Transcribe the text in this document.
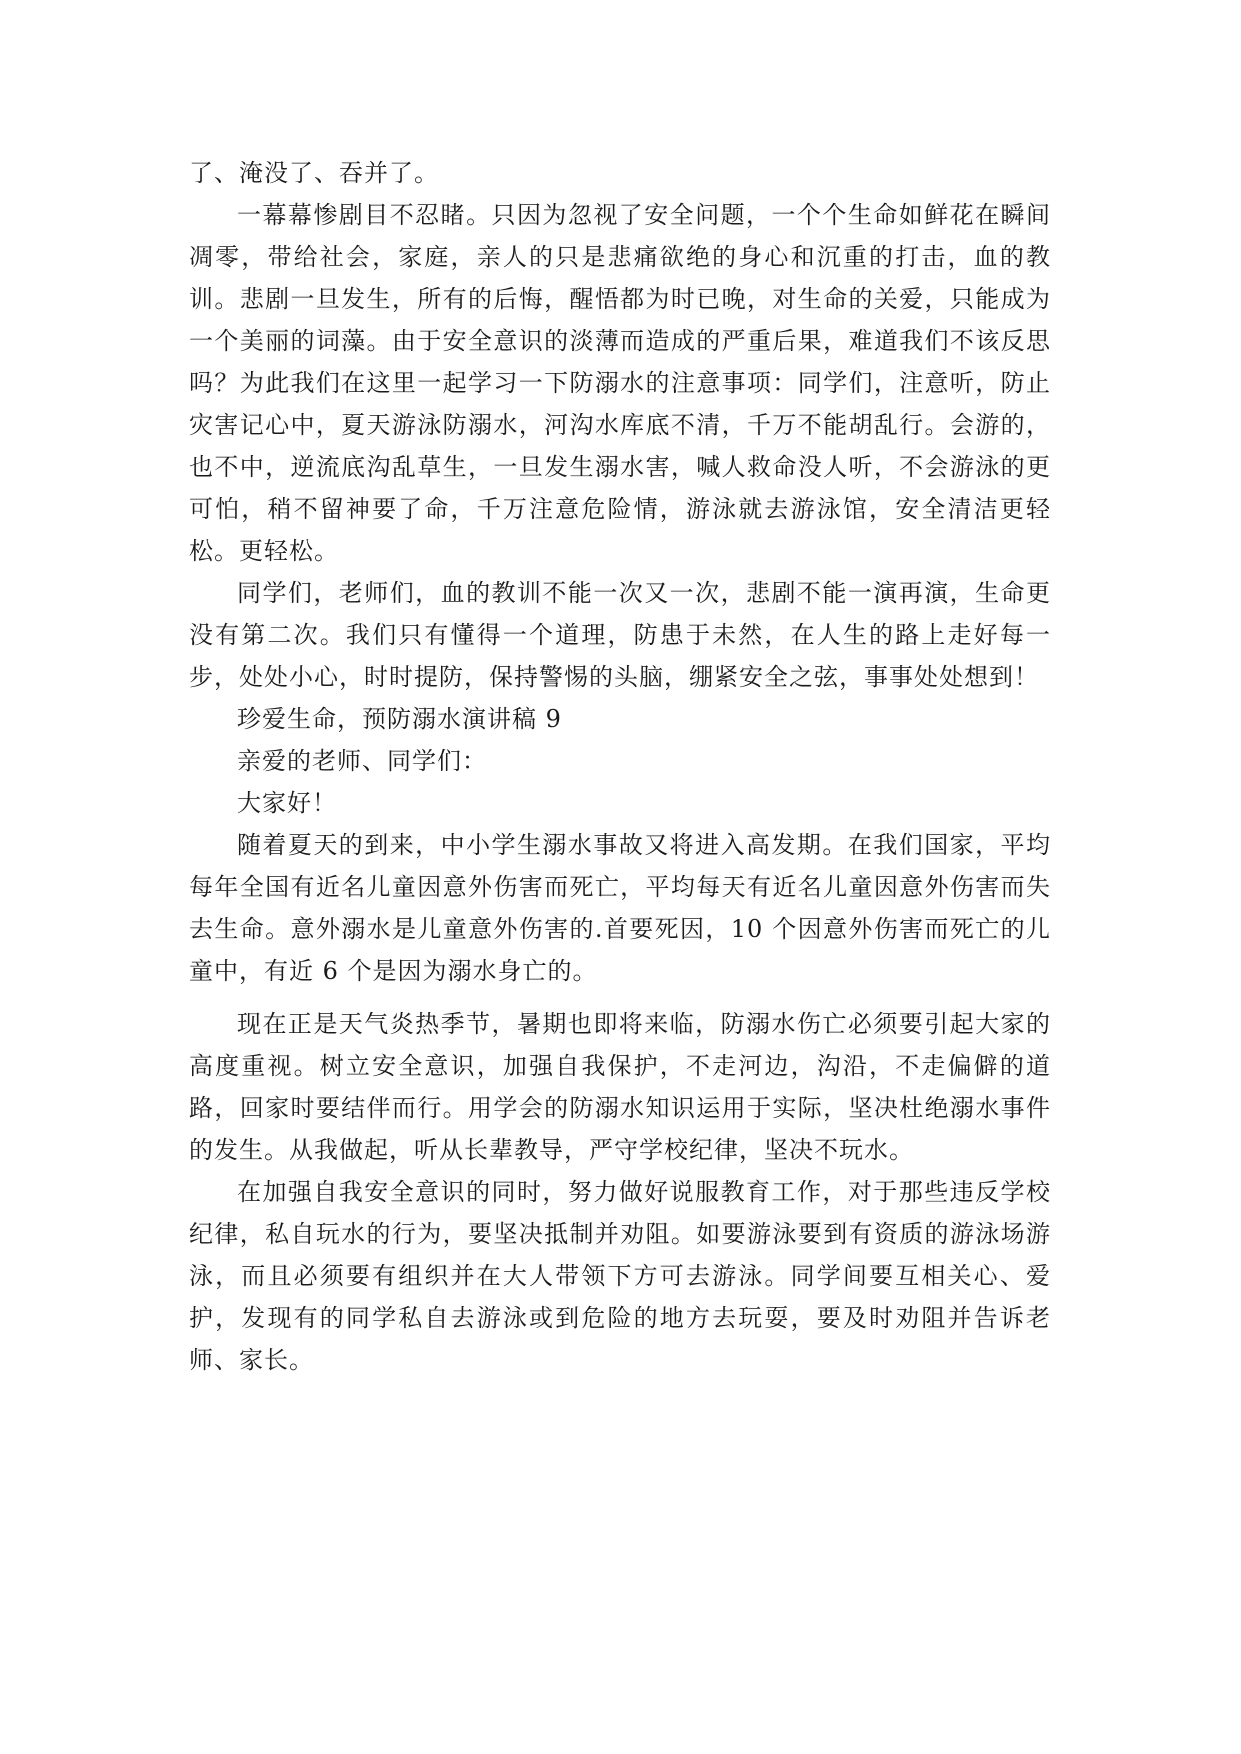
了、淹没了、吞并了。

一幕幕惨剧目不忍睹。只因为忽视了安全问题，一个个生命如鲜花在瞬间凋零，带给社会，家庭，亲人的只是悲痛欲绝的身心和沉重的打击，血的教训。悲剧一旦发生，所有的后悔，醒悟都为时已晚，对生命的关爱，只能成为一个美丽的词藻。由于安全意识的淡薄而造成的严重后果，难道我们不该反思吗？为此我们在这里一起学习一下防溺水的注意事项：同学们，注意听，防止灾害记心中，夏天游泳防溺水，河沟水库底不清，千万不能胡乱行。会游的，也不中，逆流底沟乱草生，一旦发生溺水害，喊人救命没人听，不会游泳的更可怕，稍不留神要了命，千万注意危险情，游泳就去游泳馆，安全清洁更轻松。更轻松。

同学们，老师们，血的教训不能一次又一次，悲剧不能一演再演，生命更没有第二次。我们只有懂得一个道理，防患于未然，在人生的路上走好每一步，处处小心，时时提防，保持警惕的头脑，绷紧安全之弦，事事处处想到！

珍爱生命，预防溺水演讲稿 9

亲爱的老师、同学们：

大家好！

随着夏天的到来，中小学生溺水事故又将进入高发期。在我们国家，平均每年全国有近名儿童因意外伤害而死亡，平均每天有近名儿童因意外伤害而失去生命。意外溺水是儿童意外伤害的.首要死因，10 个因意外伤害而死亡的儿童中，有近 6 个是因为溺水身亡的。

现在正是天气炎热季节，暑期也即将来临，防溺水伤亡必须要引起大家的高度重视。树立安全意识，加强自我保护，不走河边，沟沿，不走偏僻的道路，回家时要结伴而行。用学会的防溺水知识运用于实际，坚决杜绝溺水事件的发生。从我做起，听从长辈教导，严守学校纪律，坚决不玩水。

在加强自我安全意识的同时，努力做好说服教育工作，对于那些违反学校纪律，私自玩水的行为，要坚决抵制并劝阻。如要游泳要到有资质的游泳场游泳，而且必须要有组织并在大人带领下方可去游泳。同学间要互相关心、爱护，发现有的同学私自去游泳或到危险的地方去玩耍，要及时劝阻并告诉老师、家长。
